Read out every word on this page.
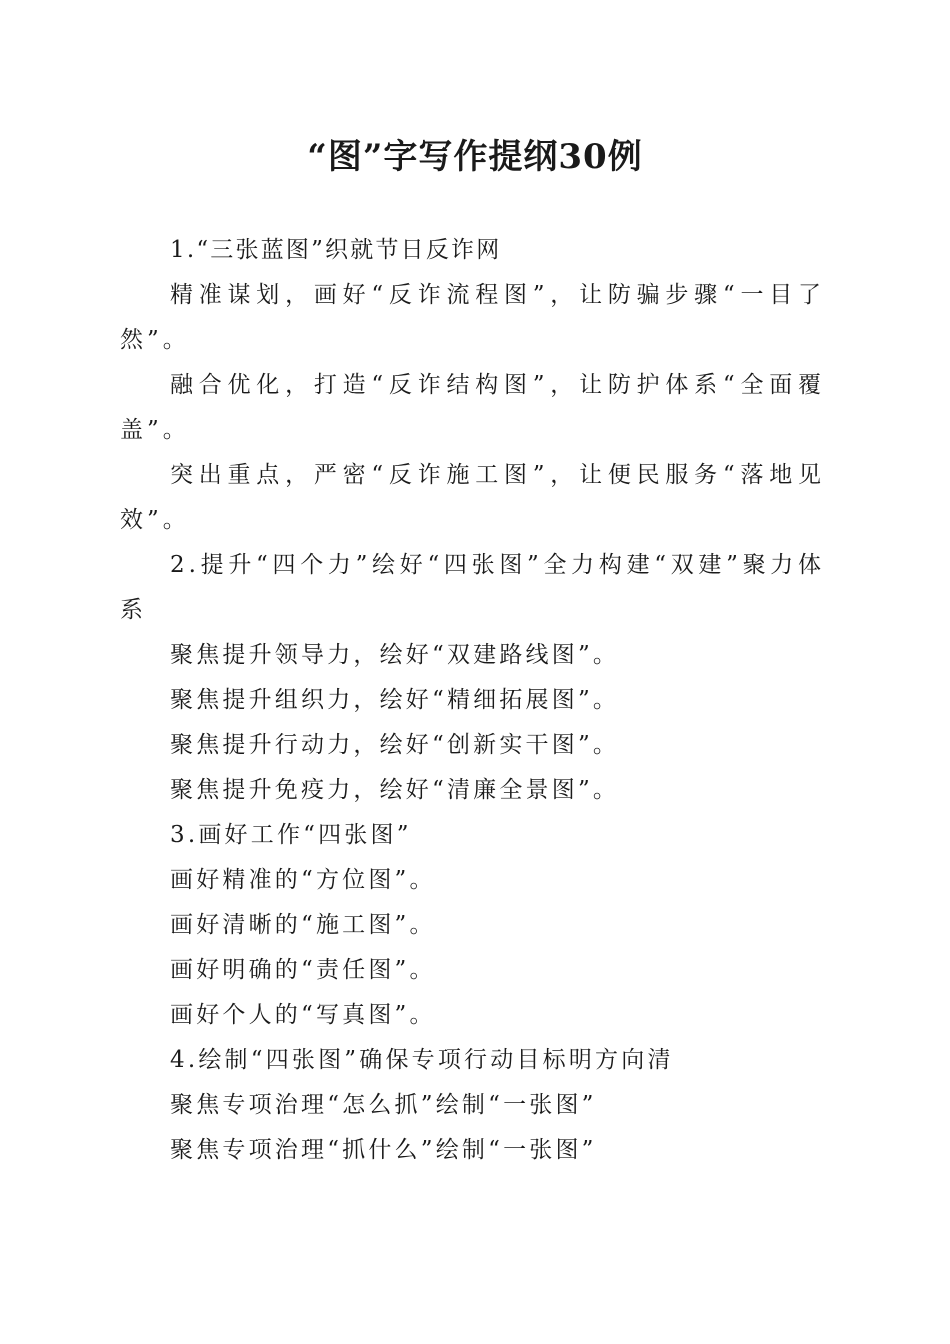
“图”字写作提纲30例

1.“三张蓝图”织就节日反诈网

精准谋划，画好“反诈流程图”，让防骗步骤“一目了然”。

融合优化，打造“反诈结构图”，让防护体系“全面覆盖”。

突出重点，严密“反诈施工图”，让便民服务“落地见效”。

2.提升“四个力”绘好“四张图”全力构建“双建”聚力体系

聚焦提升领导力，绘好“双建路线图”。

聚焦提升组织力，绘好“精细拓展图”。

聚焦提升行动力，绘好“创新实干图”。

聚焦提升免疫力，绘好“清廉全景图”。

3.画好工作“四张图”

画好精准的“方位图”。

画好清晰的“施工图”。

画好明确的“责任图”。

画好个人的“写真图”。

4.绘制“四张图”确保专项行动目标明方向清

聚焦专项治理“怎么抓”绘制“一张图”

聚焦专项治理“抓什么”绘制“一张图”
